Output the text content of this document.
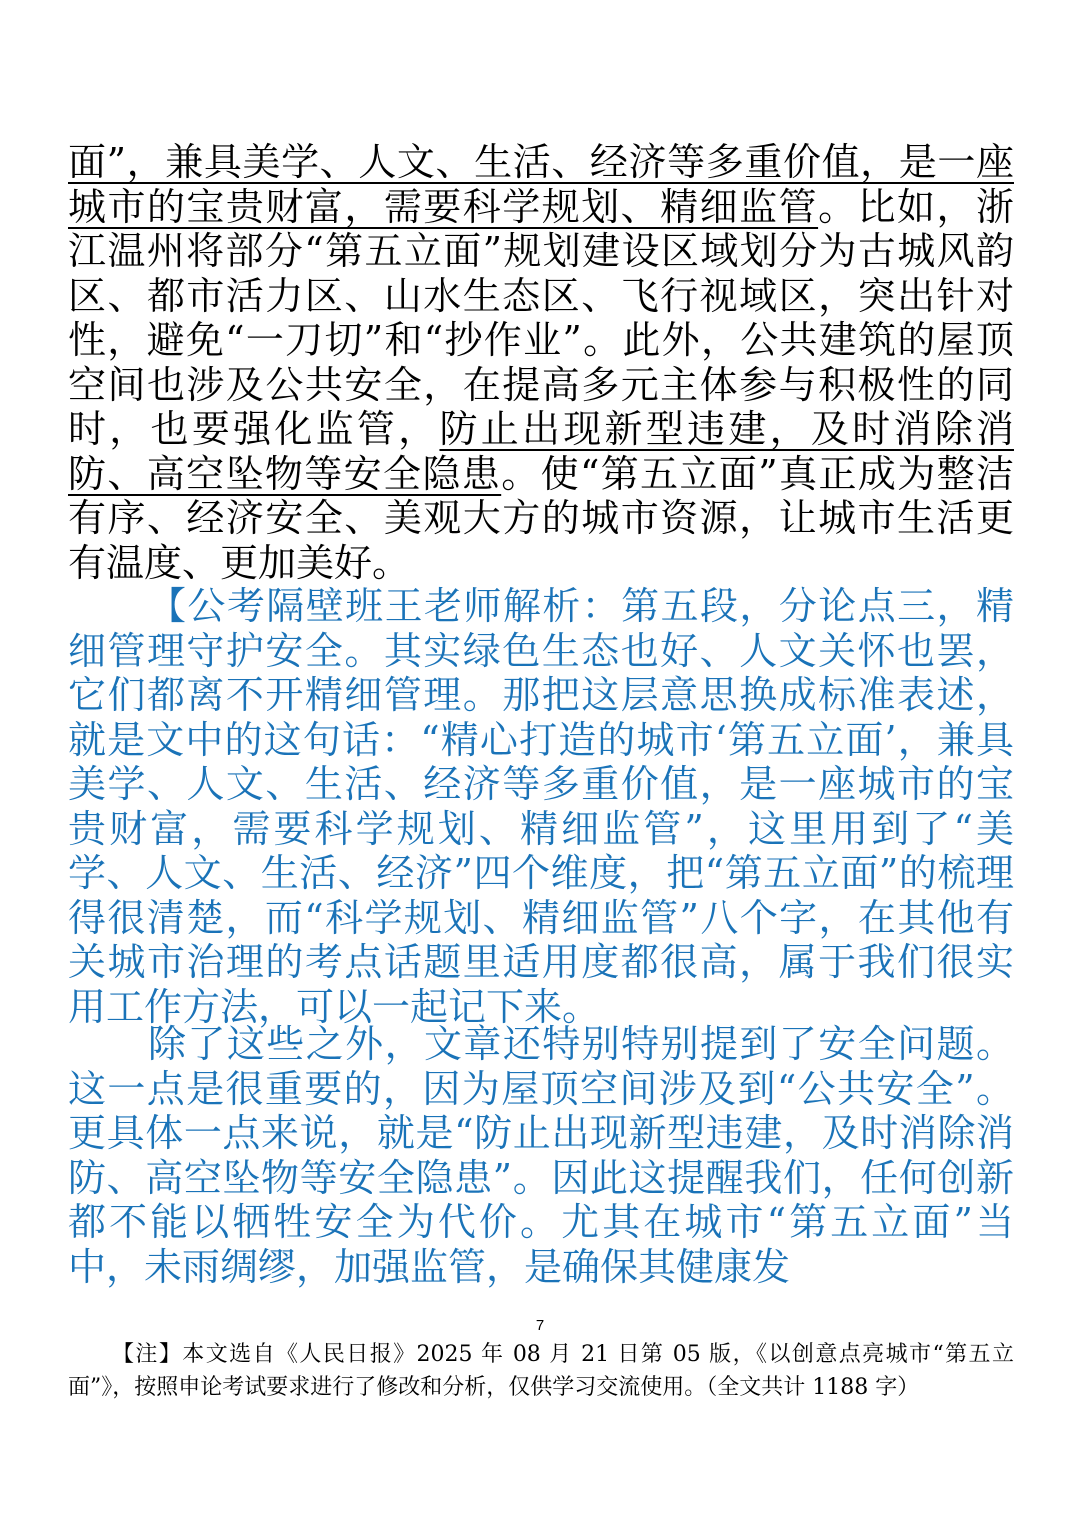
面”，兼具美学、人文、生活、经济等多重价值，是一座城市的宝贵财富，需要科学规划、精细监管。比如，浙江温州将部分“第五立面”规划建设区域划分为古城风韵区、都市活力区、山水生态区、飞行视域区，突出针对性，避免“一刀切”和“抄作业”。此外，公共建筑的屋顶空间也涉及公共安全，在提高多元主体参与积极性的同时，也要强化监管，防止出现新型违建，及时消除消防、高空坠物等安全隐患。使“第五立面”真正成为整洁有序、经济安全、美观大方的城市资源，让城市生活更有温度、更加美好。

【公考隔壁班王老师解析：第五段，分论点三，精细管理守护安全。其实绿色生态也好、人文关怀也罢，它们都离不开精细管理。那把这层意思换成标准表述，就是文中的这句话：“精心打造的城市‘第五立面’，兼具美学、人文、生活、经济等多重价值，是一座城市的宝贵财富，需要科学规划、精细监管”，这里用到了“美学、人文、生活、经济”四个维度，把“第五立面”的梳理得很清楚，而“科学规划、精细监管”八个字，在其他有关城市治理的考点话题里适用度都很高，属于我们很实用工作方法，可以一起记下来。

除了这些之外，文章还特别特别提到了安全问题。这一点是很重要的，因为屋顶空间涉及到“公共安全”。更具体一点来说，就是“防止出现新型违建，及时消除消防、高空坠物等安全隐患”。因此这提醒我们，任何创新都不能以牺牲安全为代价。尤其在城市“第五立面”当中，未雨绸缪，加强监管，是确保其健康发

7

【注】本文选自《人民日报》2025 年 08 月 21 日第 05 版，《以创意点亮城市“第五立面”》，按照申论考试要求进行了修改和分析，仅供学习交流使用。（全文共计 1188 字）
